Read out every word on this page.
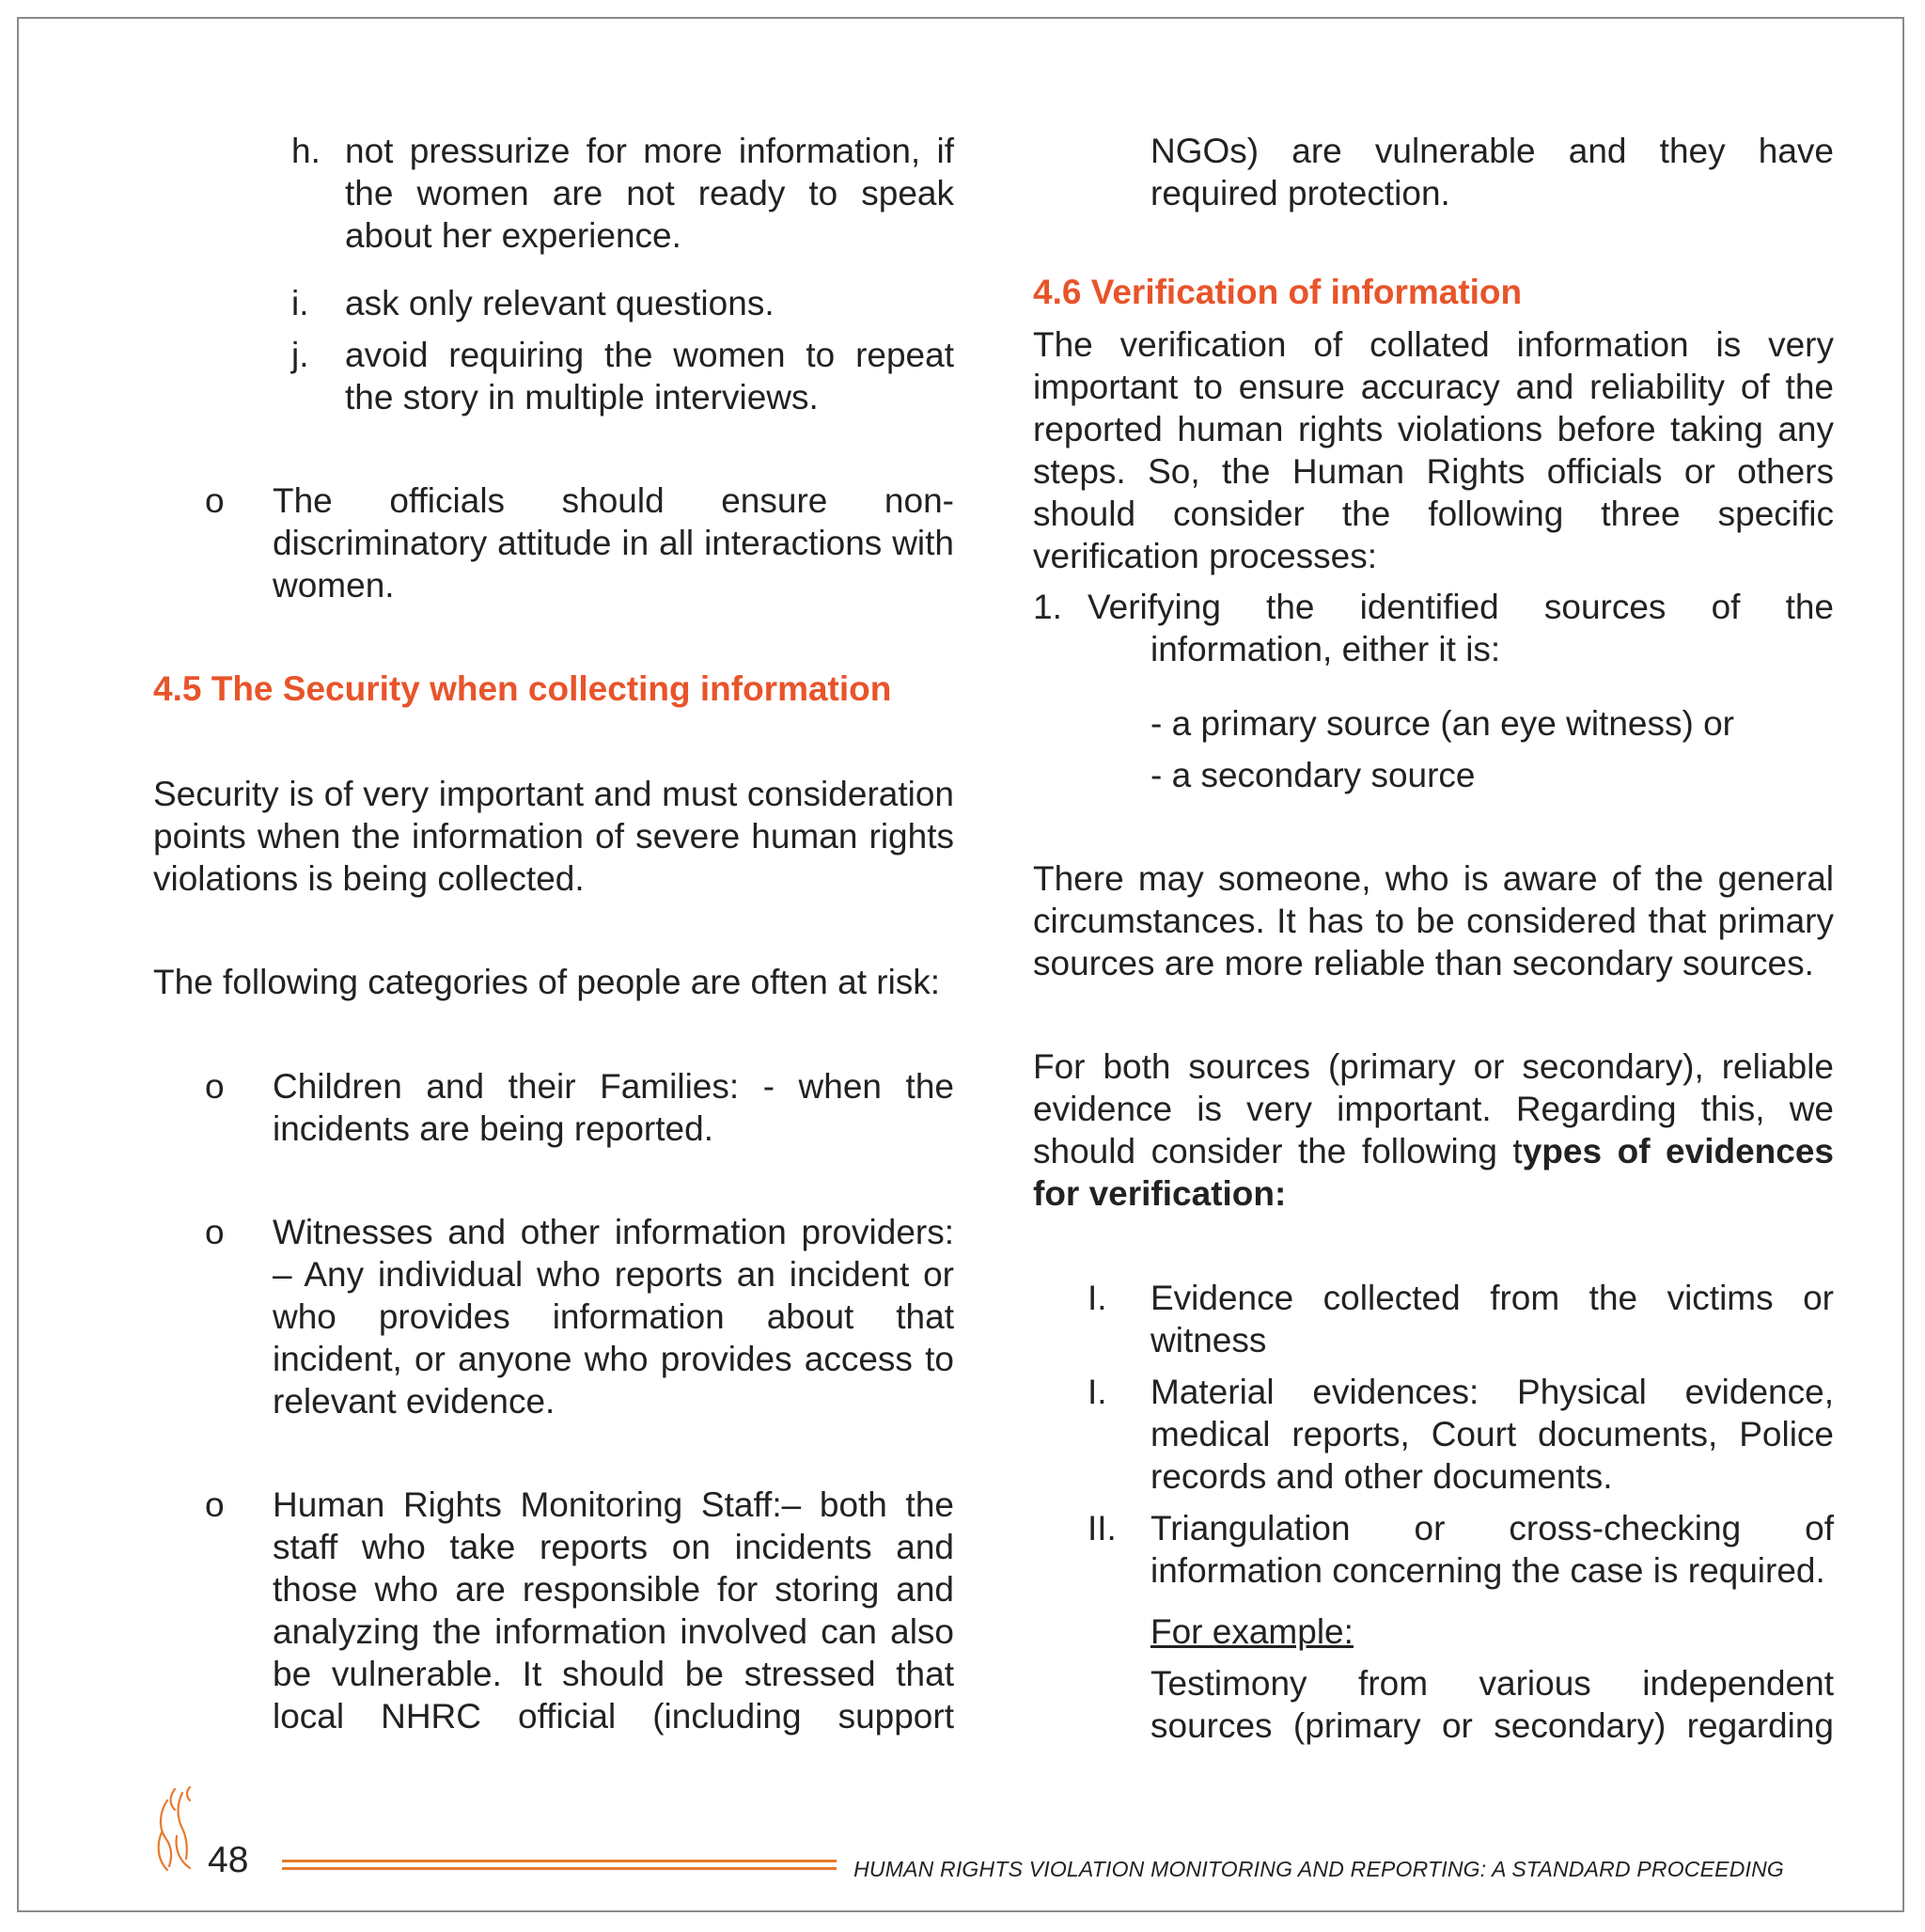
h. not pressurize for more information, if the women are not ready to speak about her experience.
i. ask only relevant questions.
j. avoid requiring the women to repeat the story in multiple interviews.
o The officials should ensure non-discriminatory attitude in all interactions with women.
4.5 The Security when collecting information
Security is of very important and must consideration points when the information of severe human rights violations is being collected.
The following categories of people are often at risk:
o Children and their Families: - when the incidents are being reported.
o Witnesses and other information providers: – Any individual who reports an incident or who provides information about that incident, or anyone who provides access to relevant evidence.
o Human Rights Monitoring Staff:– both the staff who take reports on incidents and those who are responsible for storing and analyzing the information involved can also be vulnerable. It should be stressed that local NHRC official (including support
NGOs) are vulnerable and they have required protection.
4.6 Verification of information
The verification of collated information is very important to ensure accuracy and reliability of the reported human rights violations before taking any steps. So, the Human Rights officials or others should consider the following three specific verification processes:
1. Verifying the identified sources of the
information, either it is:
- a primary source (an eye witness) or
- a secondary source
There may someone, who is aware of the general circumstances. It has to be considered that primary sources are more reliable than secondary sources.
For both sources (primary or secondary), reliable evidence is very important. Regarding this, we should consider the following types of evidences for verification:
I. Evidence collected from the victims or witness
I. Material evidences: Physical evidence, medical reports, Court documents, Police records and other documents.
II. Triangulation or cross-checking of information concerning the case is required.
For example:
Testimony from various independent sources (primary or secondary) regarding
48	HUMAN RIGHTS VIOLATION MONITORING AND REPORTING: A STANDARD PROCEEDING
